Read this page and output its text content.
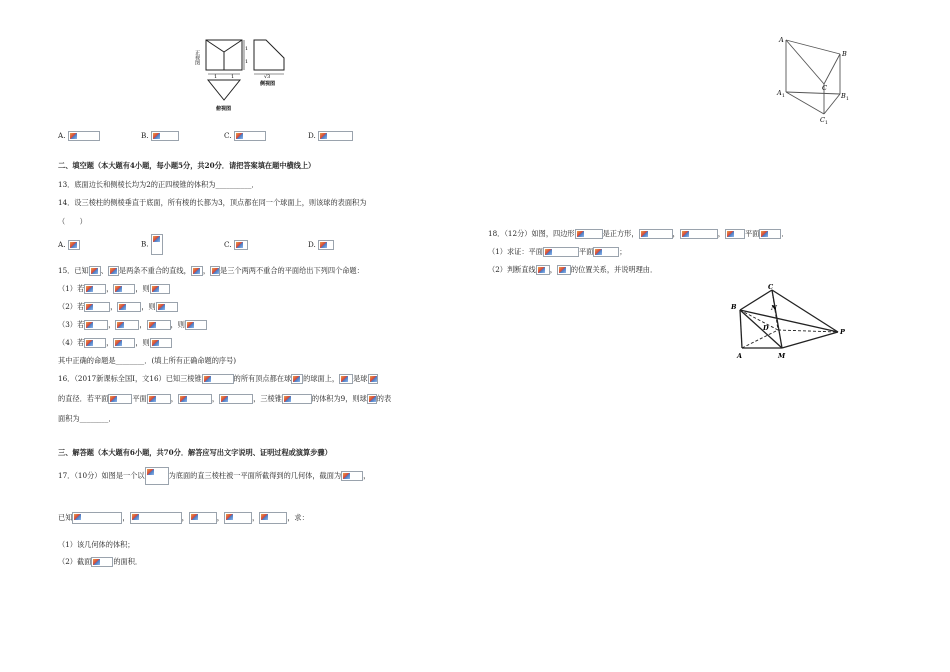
正视图
1
1
1	1	√3
侧视图
俯视图
A.	B.	C.	D.
二、填空题（本大题有4小题，每小题5分，共20分．请把答案填在题中横线上）
13．底面边长和侧棱长均为2的正四棱锥的体积为__________．
14．设三棱柱的侧棱垂直于底面，所有棱的长都为3，顶点都在同一个球面上，则该球的表面积为
（　　）
A.	B.	C.	D.
15．已知 、 是两条不重合的直线， ， 是三个两两不重合的平面给出下列四个命题：
（1）若	，	，则
（2）若	，	，则
（3）若	，	，	，则
（4）若	，	，则
其中正确的命题是________．(填上所有正确命题的序号)
16．（2017新课标全国Ⅰ，文16）已知三棱锥	的所有顶点都在球 的球面上， 是球
的直径．若平面	平面	，	，	，三棱锥	的体积为9，则球 的表
面积为________．
三、解答题（本大题有6小题，共70分．解答应写出文字说明、证明过程或演算步骤）
17．（10分）如图是一个以	为底面的直三棱柱被一平面所截得到的几何体，截面为	，
已知	，	，	，	，	，求：
（1）该几何体的体积；
（2）截面	的面积．
A
B
C
A 1	B 1
C 1
18．（12分）如图，四边形	是正方形，	，	，	平面	．
（1）求证：平面	平面	；
（2）判断直线 ， 的位置关系，并说明理由．
B
C
D
N
P
A	M
